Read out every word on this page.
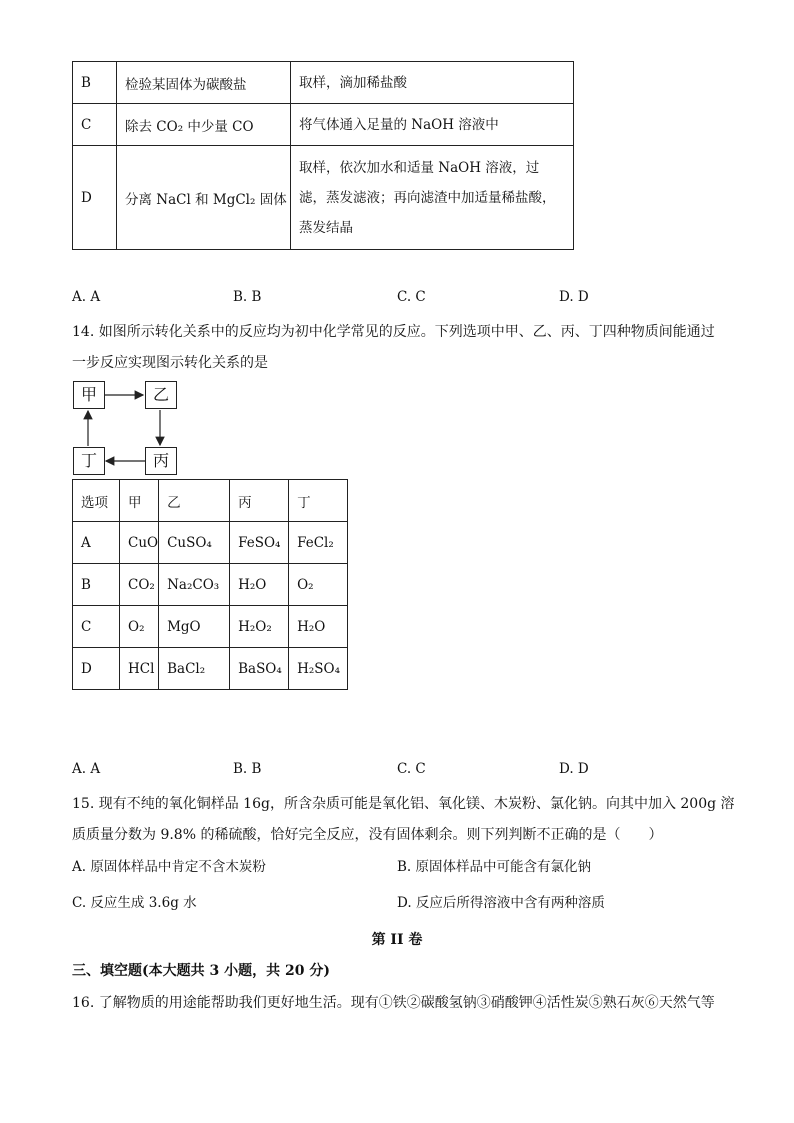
B	检验某固体为碳酸盐	取样，滴加稀盐酸
C	除去 CO₂ 中少量 CO	将气体通入足量的 NaOH 溶液中
D	分离 NaCl 和 MgCl₂ 固体	取样，依次加水和适量 NaOH 溶液，过
滤，蒸发滤液；再向滤渣中加适量稀盐酸，
蒸发结晶
A. A	B. B	C. C	D. D
14. 如图所示转化关系中的反应均为初中化学常见的反应。下列选项中甲、乙、丙、丁四种物质间能通过
一步反应实现图示转化关系的是
甲	乙
丙
丁
选项	甲	乙	丙	丁
A	CuO	CuSO₄	FeSO₄	FeCl₂
B	CO₂	Na₂CO₃	H₂O	O₂
C	O₂	MgO	H₂O₂	H₂O
D	HCl	BaCl₂	BaSO₄	H₂SO₄
A. A	B. B	C. C	D. D
15. 现有不纯的氧化铜样品 16g，所含杂质可能是氧化铝、氧化镁、木炭粉、氯化钠。向其中加入 200g 溶
质质量分数为 9.8% 的稀硫酸，恰好完全反应，没有固体剩余。则下列判断不正确的是（　　）
A. 原固体样品中肯定不含木炭粉	B. 原固体样品中可能含有氯化钠
C. 反应生成 3.6g 水	D. 反应后所得溶液中含有两种溶质
第 II 卷
三、填空题(本大题共 3 小题，共 20 分)
16. 了解物质的用途能帮助我们更好地生活。现有①铁②碳酸氢钠③硝酸钾④活性炭⑤熟石灰⑥天然气等
